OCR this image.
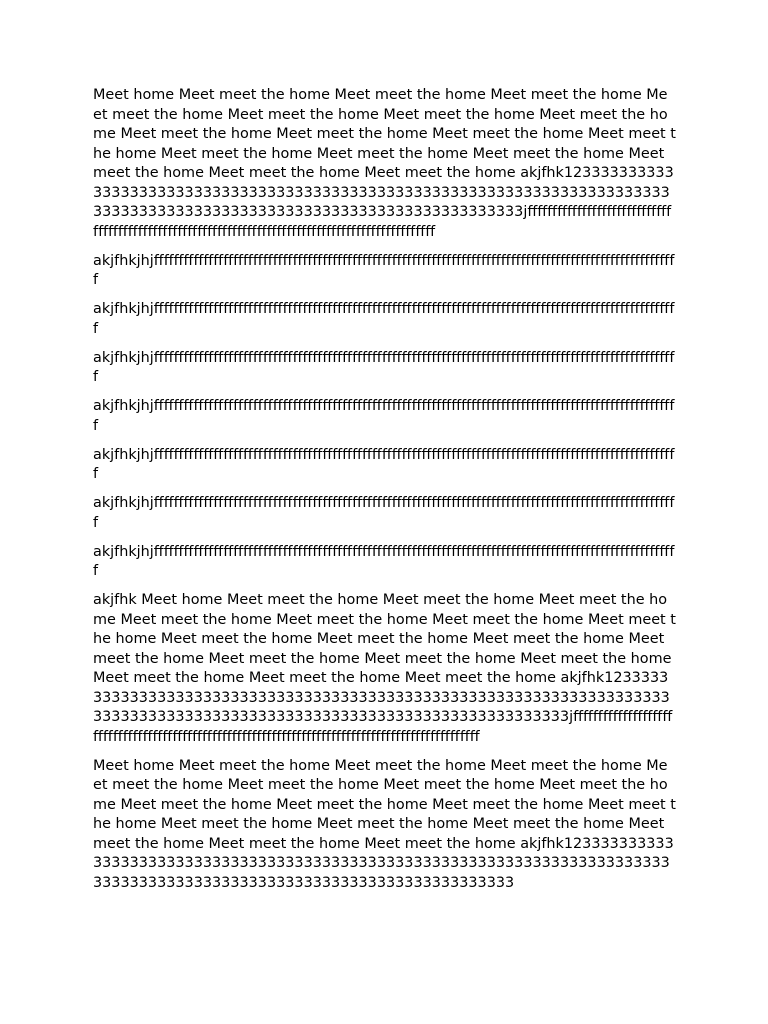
Meet home Meet meet the home Meet meet the home Meet meet the home Meet meet the home Meet meet the home Meet meet the home Meet meet the home Meet meet the home Meet meet the home Meet meet the home Meet meet the home Meet meet the home Meet meet the home Meet meet the home Meet meet the home Meet meet the home Meet meet the home akjfhk12333333333333333333333333333333333333333333333333333333333333333333333333333333333333333333333333333333333333333333333333jffffffffffffffffffffffffffffffffffffffffffffffffffffffffffffffffffffffffffffffffffffffffffffffffff

akjfhkjhjffffffffffffffffffffffffffffffffffffffffffffffffffffffffffffffffffffffffffffffffffffffffffffffffffffffffff

akjfhkjhjffffffffffffffffffffffffffffffffffffffffffffffffffffffffffffffffffffffffffffffffffffffffffffffffffffffffff

akjfhkjhjffffffffffffffffffffffffffffffffffffffffffffffffffffffffffffffffffffffffffffffffffffffffffffffffffffffffff

akjfhkjhjffffffffffffffffffffffffffffffffffffffffffffffffffffffffffffffffffffffffffffffffffffffffffffffffffffffffff

akjfhkjhjffffffffffffffffffffffffffffffffffffffffffffffffffffffffffffffffffffffffffffffffffffffffffffffffffffffffff

akjfhkjhjffffffffffffffffffffffffffffffffffffffffffffffffffffffffffffffffffffffffffffffffffffffffffffffffffffffffff

akjfhkjhjffffffffffffffffffffffffffffffffffffffffffffffffffffffffffffffffffffffffffffffffffffffffffffffffffffffffff

akjfhk Meet home Meet meet the home Meet meet the home Meet meet the home Meet meet the home Meet meet the home Meet meet the home Meet meet the home Meet meet the home Meet meet the home Meet meet the home Meet meet the home Meet meet the home Meet meet the home Meet meet the home Meet meet the home Meet meet the home Meet meet the home akjfhk12333333333333333333333333333333333333333333333333333333333333333333333333333333333333333333333333333333333333333333333333jffffffffffffffffffffffffffffffffffffffffffffffffffffffffffffffffffffffffffffffffffffffffffffffffff

Meet home Meet meet the home Meet meet the home Meet meet the home Meet meet the home Meet meet the home Meet meet the home Meet meet the home Meet meet the home Meet meet the home Meet meet the home Meet meet the home Meet meet the home Meet meet the home Meet meet the home Meet meet the home Meet meet the home Meet meet the home akjfhk1233333333333333333333333333333333333333333333333333333333333333333333333333333333333333333333333333333333333333333333333
